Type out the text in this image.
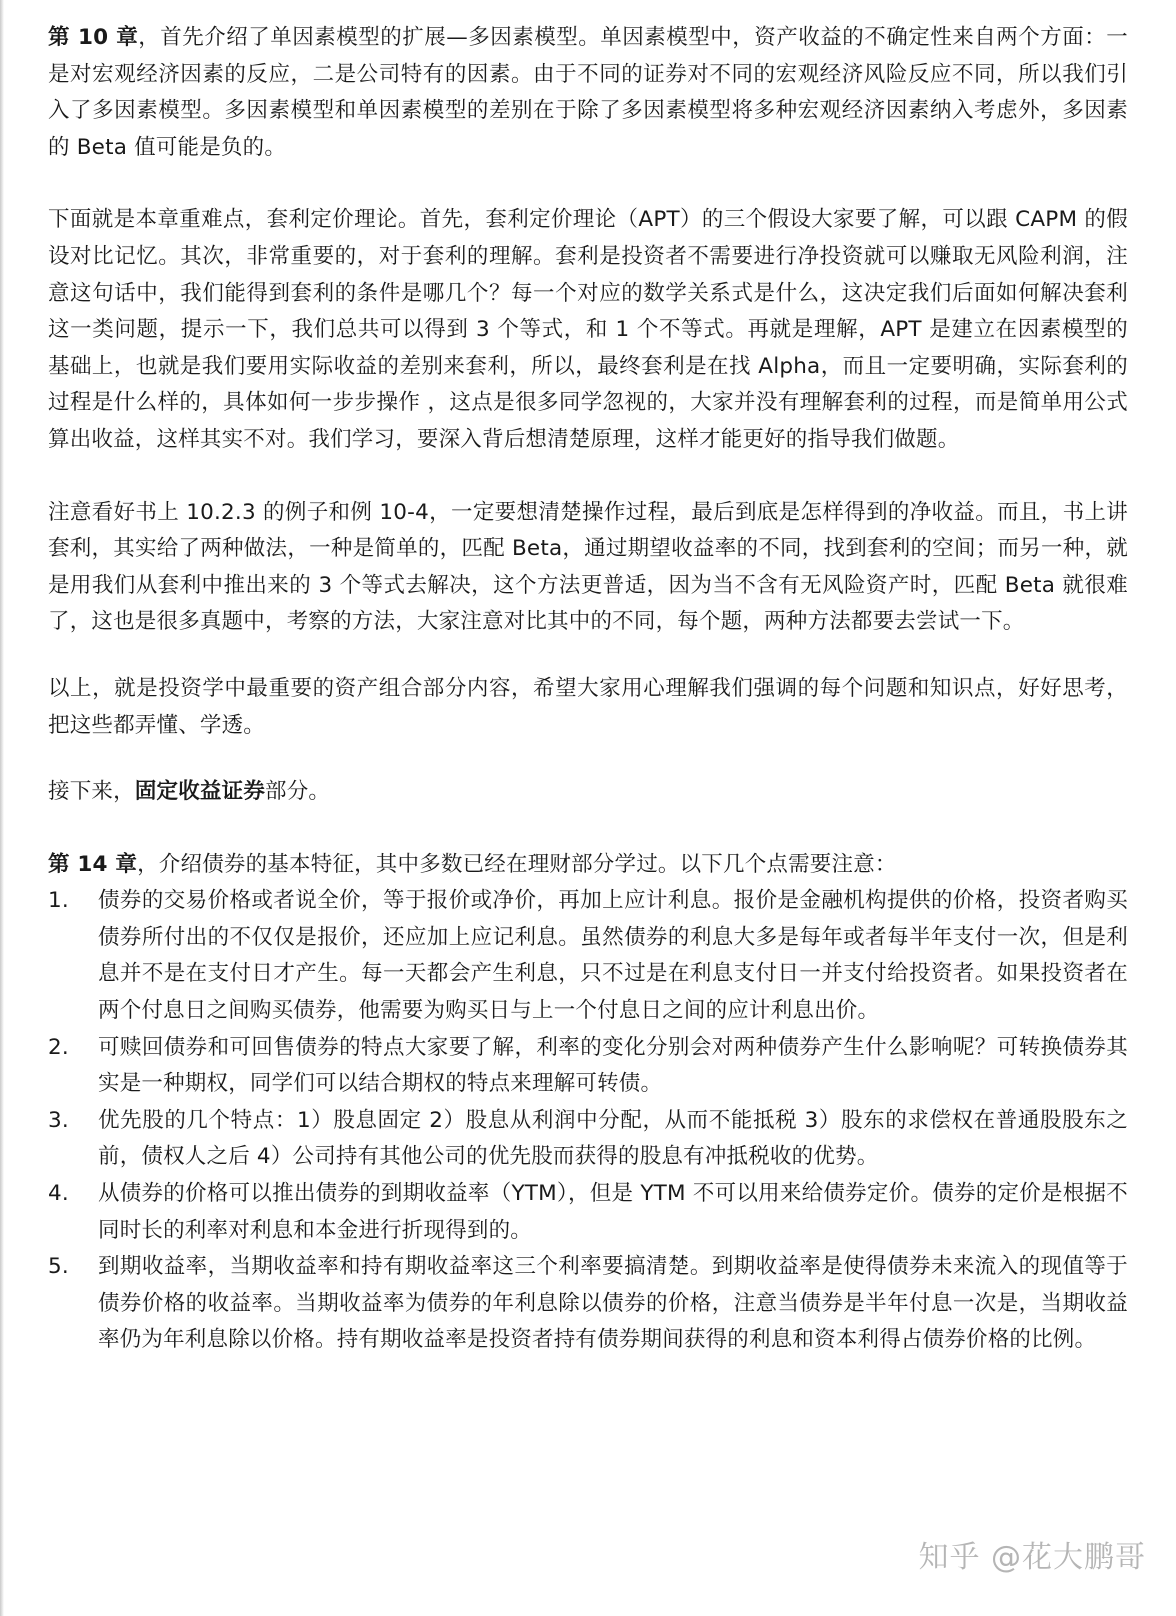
第 10 章，首先介绍了单因素模型的扩展—多因素模型。单因素模型中，资产收益的不确定性来自两个方面：一是对宏观经济因素的反应，二是公司特有的因素。由于不同的证券对不同的宏观经济风险反应不同，所以我们引入了多因素模型。多因素模型和单因素模型的差别在于除了多因素模型将多种宏观经济因素纳入考虑外，多因素的 Beta 值可能是负的。

下面就是本章重难点，套利定价理论。首先，套利定价理论（APT）的三个假设大家要了解，可以跟 CAPM 的假设对比记忆。其次，非常重要的，对于套利的理解。套利是投资者不需要进行净投资就可以赚取无风险利润，注意这句话中，我们能得到套利的条件是哪几个？每一个对应的数学关系式是什么，这决定我们后面如何解决套利这一类问题，提示一下，我们总共可以得到 3 个等式，和 1 个不等式。再就是理解，APT 是建立在因素模型的基础上，也就是我们要用实际收益的差别来套利，所以，最终套利是在找 Alpha，而且一定要明确，实际套利的过程是什么样的，具体如何一步步操作 ，这点是很多同学忽视的，大家并没有理解套利的过程，而是简单用公式算出收益，这样其实不对。我们学习，要深入背后想清楚原理，这样才能更好的指导我们做题。

注意看好书上 10.2.3 的例子和例 10-4，一定要想清楚操作过程，最后到底是怎样得到的净收益。而且，书上讲套利，其实给了两种做法，一种是简单的，匹配 Beta，通过期望收益率的不同，找到套利的空间；而另一种，就是用我们从套利中推出来的 3 个等式去解决，这个方法更普适，因为当不含有无风险资产时，匹配 Beta 就很难了，这也是很多真题中，考察的方法，大家注意对比其中的不同，每个题，两种方法都要去尝试一下。

以上，就是投资学中最重要的资产组合部分内容，希望大家用心理解我们强调的每个问题和知识点，好好思考，把这些都弄懂、学透。

接下来，固定收益证券部分。

第 14 章，介绍债券的基本特征，其中多数已经在理财部分学过。以下几个点需要注意：

1. 债券的交易价格或者说全价，等于报价或净价，再加上应计利息。报价是金融机构提供的价格，投资者购买债券所付出的不仅仅是报价，还应加上应记利息。虽然债券的利息大多是每年或者每半年支付一次，但是利息并不是在支付日才产生。每一天都会产生利息，只不过是在利息支付日一并支付给投资者。如果投资者在两个付息日之间购买债券，他需要为购买日与上一个付息日之间的应计利息出价。
2. 可赎回债券和可回售债券的特点大家要了解，利率的变化分别会对两种债券产生什么影响呢？可转换债券其实是一种期权，同学们可以结合期权的特点来理解可转债。
3. 优先股的几个特点：1）股息固定 2）股息从利润中分配，从而不能抵税 3）股东的求偿权在普通股股东之前，债权人之后 4）公司持有其他公司的优先股而获得的股息有冲抵税收的优势。
4. 从债券的价格可以推出债券的到期收益率（YTM），但是 YTM 不可以用来给债券定价。债券的定价是根据不同时长的利率对利息和本金进行折现得到的。
5. 到期收益率，当期收益率和持有期收益率这三个利率要搞清楚。到期收益率是使得债券未来流入的现值等于债券价格的收益率。当期收益率为债券的年利息除以债券的价格，注意当债券是半年付息一次是，当期收益率仍为年利息除以价格。持有期收益率是投资者持有债券期间获得的利息和资本利得占债券价格的比例。
知乎 @花大鹏哥
